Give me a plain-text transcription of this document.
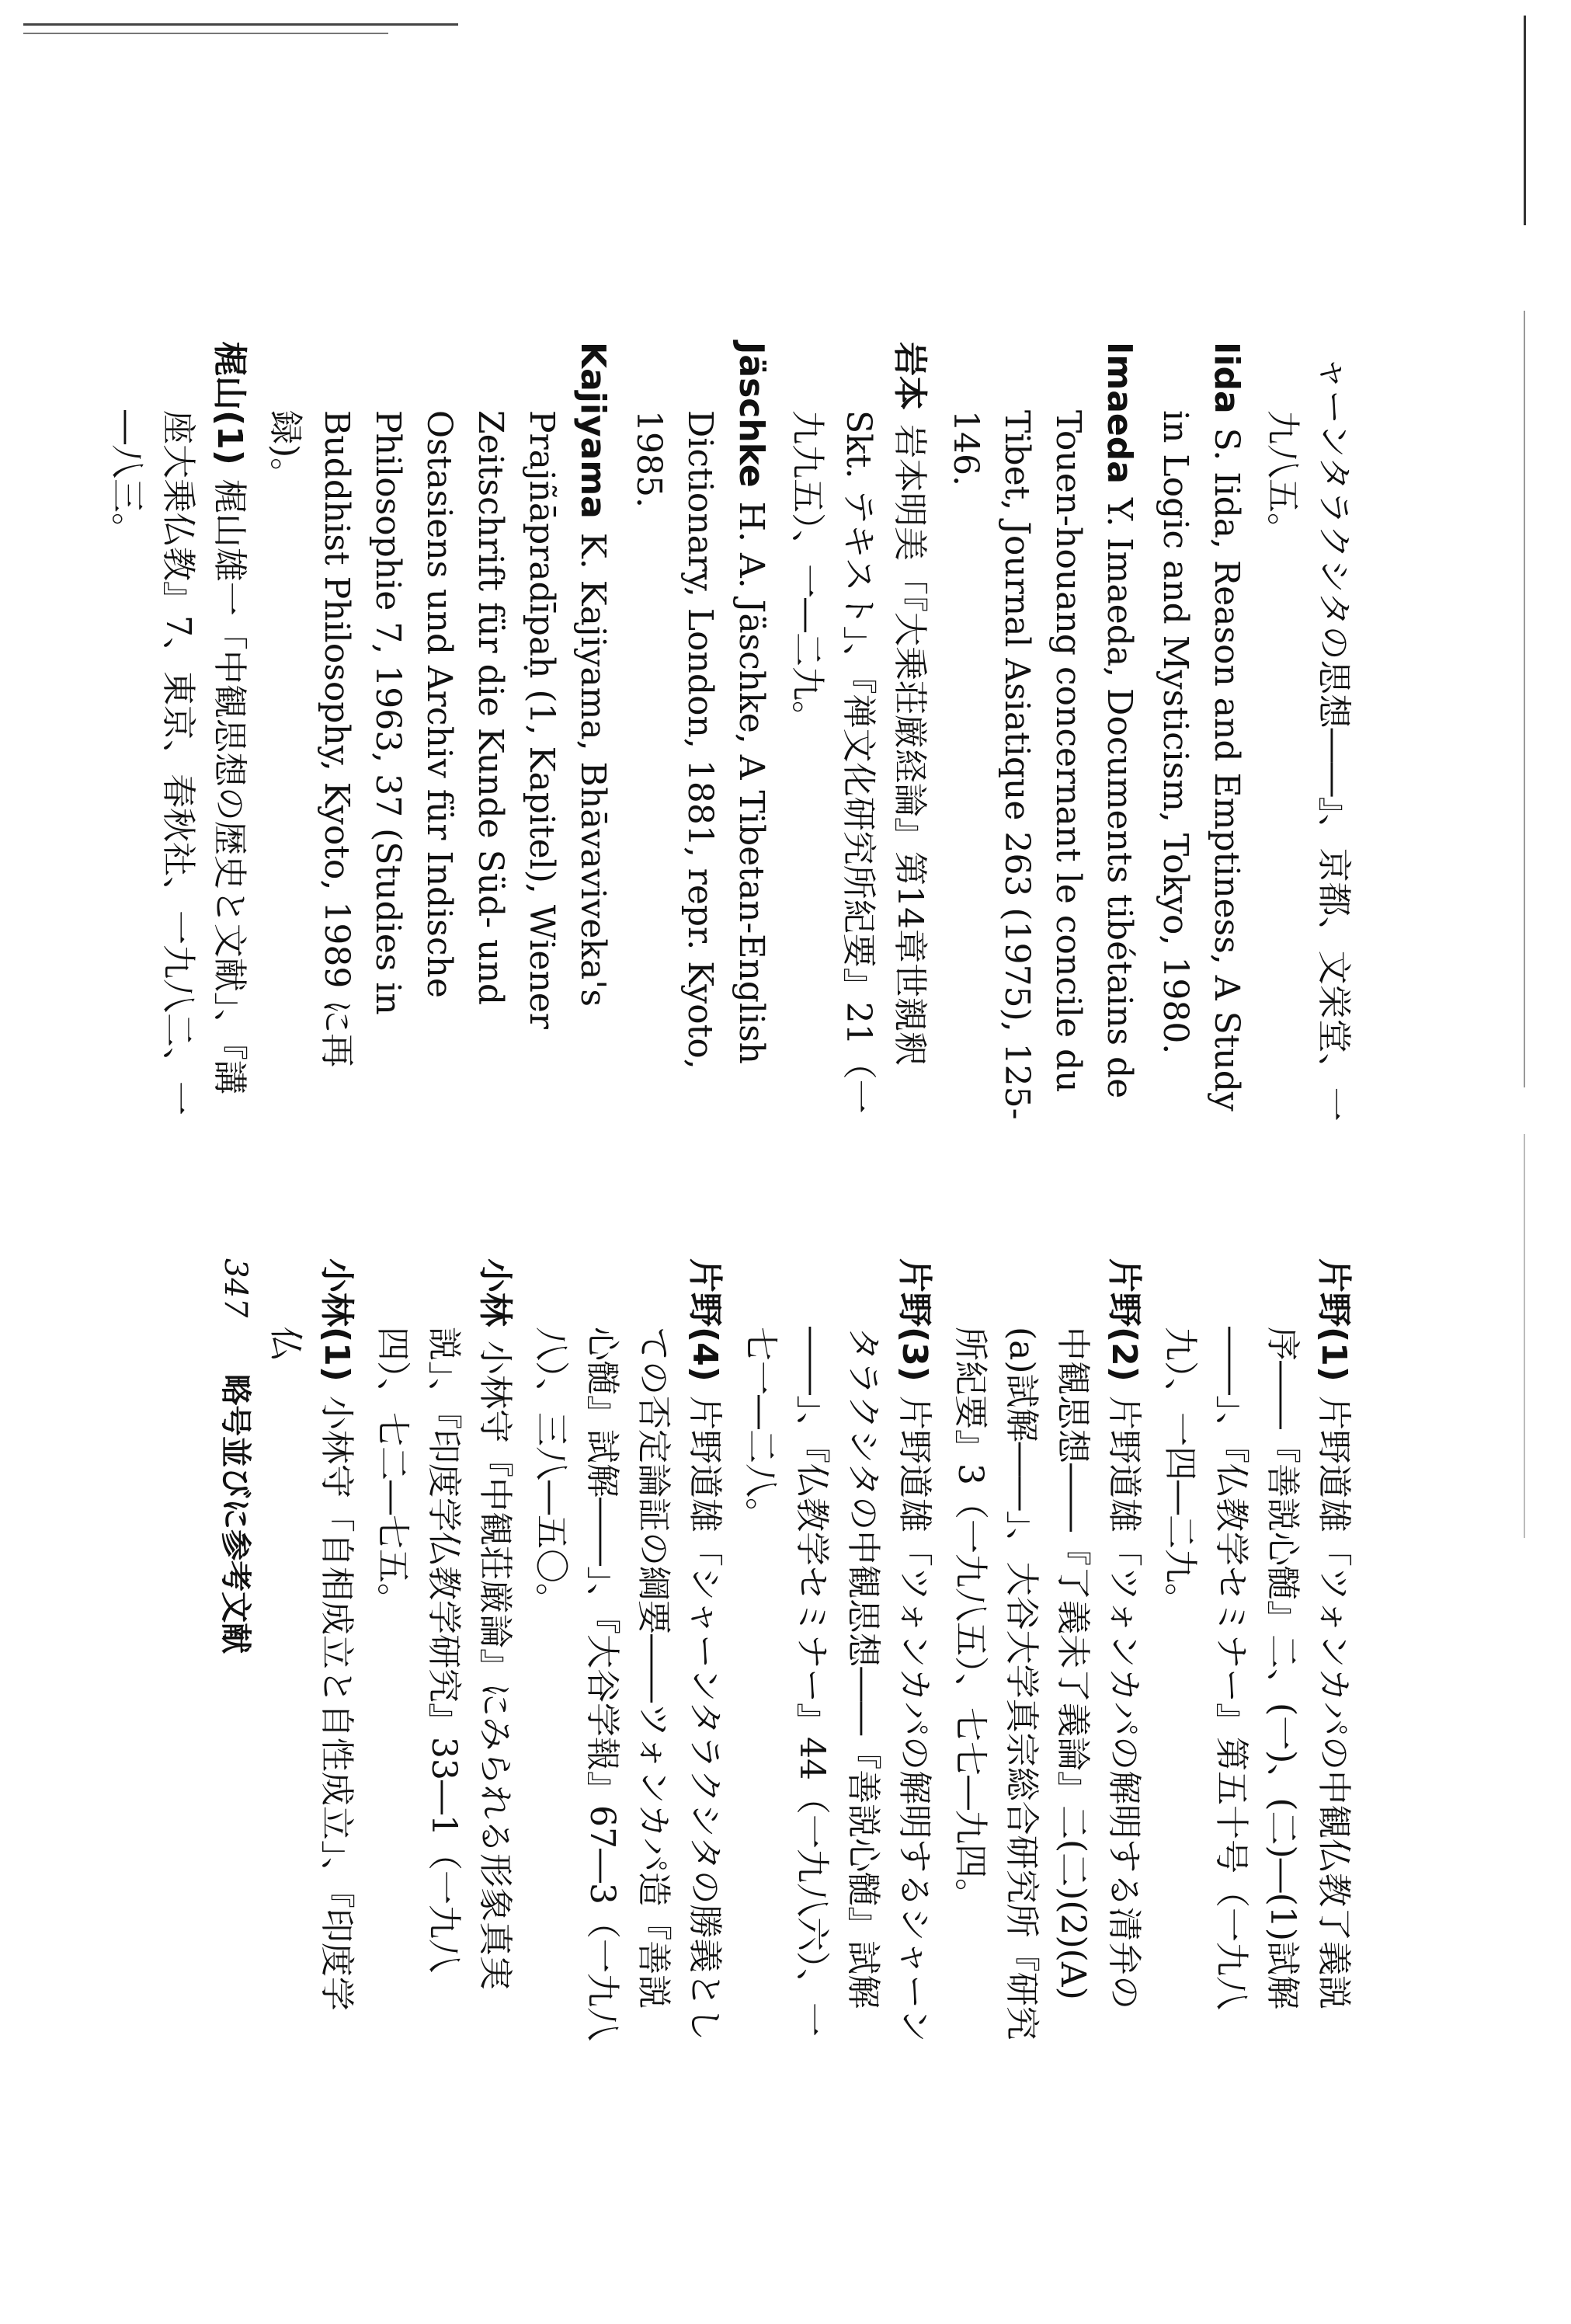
ャーンタラクシタの思想――』、京都、文栄堂、一九八五。

IidaS. Iida, Reason and Emptiness, A Study in Logic and Mysticism, Tokyo, 1980.

ImaedaY. Imaeda, Documents tibétains de Touen-houang concernant le concile du Tibet, Journal Asiatique 263 (1975), 125-146.

岩本岩本明美「『大乗荘厳経論』第14章世親釈Skt. テキスト」、『禅文化研究所紀要』21（一九九五）、一―二九。

JäschkeH. A. Jäschke, A Tibetan-English Dictionary, London, 1881, repr. Kyoto, 1985.

KajiyamaK. Kajiyama, Bhāvaviveka's Prajñāpradīpaḥ (1, Kapitel), Wiener Zeitschrift für die Kunde Süd- und Ostasiens und Archiv für Indische Philosophie 7, 1963, 37 (Studies in Buddhist Philosophy, Kyoto, 1989 に再録)。

梶山(1)梶山雄一「中観思想の歴史と文献」、『講座大乗仏教』7、東京、春秋社、一九八二、一―八三。

片野(1)片野道雄「ツォンカパの中観仏教了義説序――『善説心髄』二、(一)、(二)―(1)試解――」、『仏教学セミナー』第五十号（一九八九）、一四―二九。

片野(2)片野道雄「ツォンカパの解明する清弁の中観思想――『了義未了義論』二(二)(2)(A)(a)試解――」、大谷大学真宗総合研究所『研究所紀要』3（一九八五）、七七―九四。

片野(3)片野道雄「ツォンカパの解明するシャーンタラクシタの中観思想――『善説心髄』試解――」、『仏教学セミナー』44（一九八六）、一七一―二八。

片野(4)片野道雄「シャーンタラクシタの勝義としての否定論証の綱要――ツォンカパ造『善説心髄』試解――」、『大谷学報』67―3（一九八八）、三八―五〇。

小林小林守『中観荘厳論』にみられる形象真実説」、『印度学仏教学研究』33―1（一九八四）、七二―七五。

小林(1)小林守「自相成立と自性成立」、『印度学仏

347 略号並びに参考文献
